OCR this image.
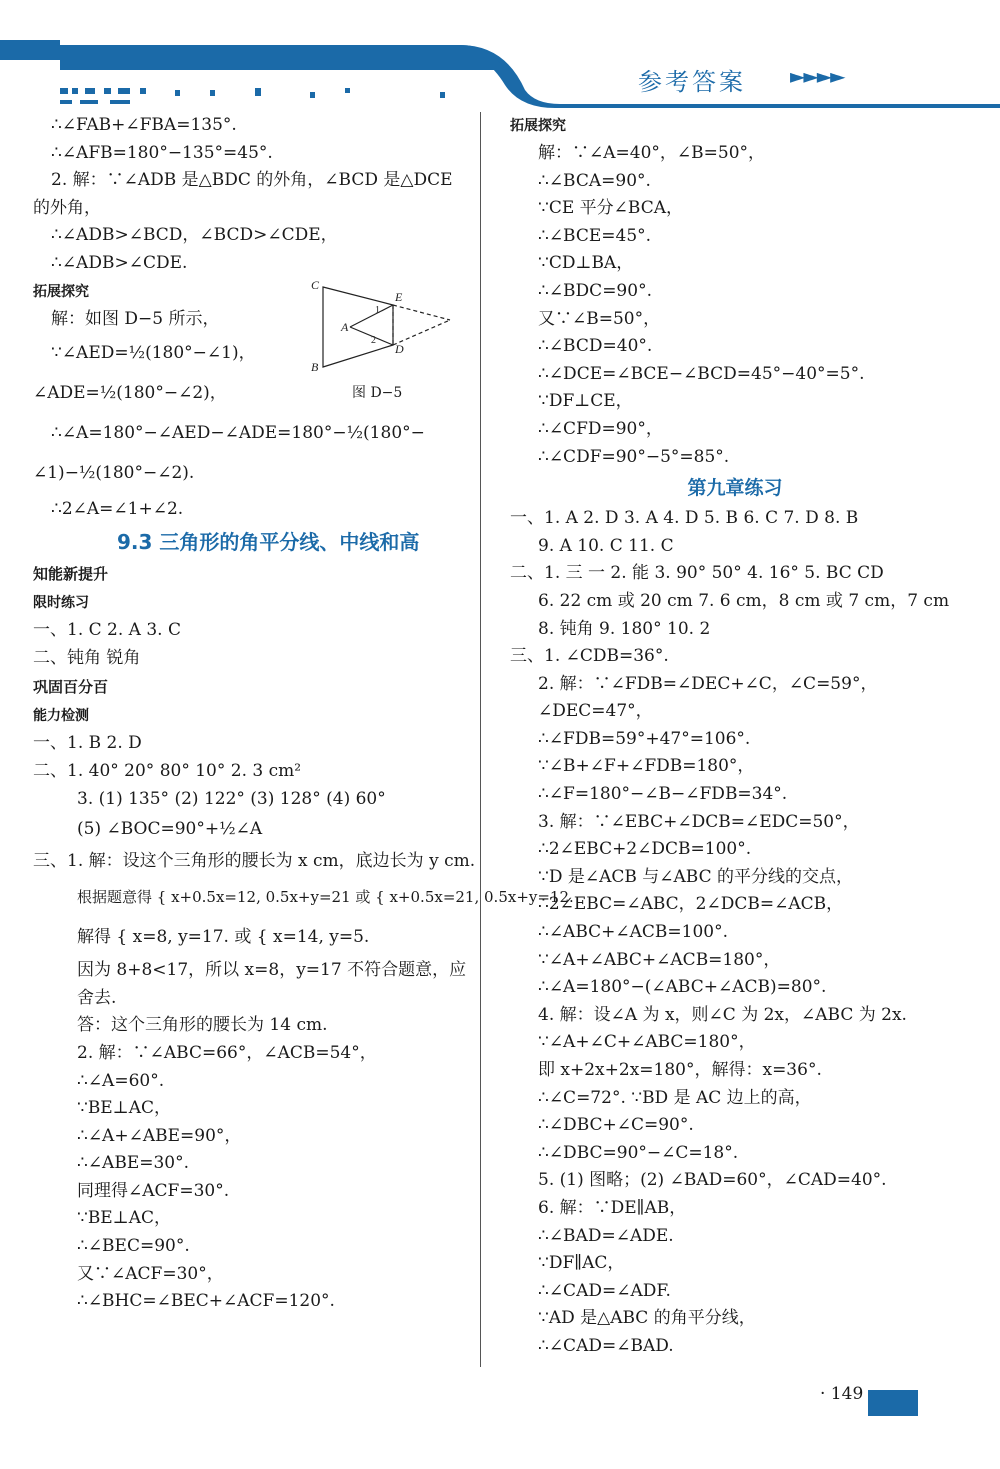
参考答案 ►►►►
∴∠FAB+∠FBA=135°.
∴∠AFB=180°−135°=45°.
2. 解：∵∠ADB 是△BDC 的外角，∠BCD 是△DCE
的外角，
∴∠ADB>∠BCD，∠BCD>∠CDE，
∴∠ADB>∠CDE.
拓展探究
解：如图 D−5 所示，
∵∠AED=½(180°−∠1)，
∠ADE=½(180°−∠2)，
∴∠A=180°−∠AED−∠ADE=180°−½(180°−
∠1)−½(180°−∠2).
∴2∠A=∠1+∠2.
9.3 三角形的角平分线、中线和高
知能新提升
限时练习
一、1. C 2. A 3. C
二、钝角 锐角
巩固百分百
能力检测
一、1. B 2. D
二、1. 40° 20° 80° 10° 2. 3 cm²
3. (1) 135° (2) 122° (3) 128° (4) 60°
(5) ∠BOC=90°+½∠A
三、1. 解：设这个三角形的腰长为 x cm，底边长为 y cm.
根据题意得 { x+0.5x=12, 0.5x+y=21 或 { x+0.5x=21, 0.5x+y=12.
解得 { x=8, y=17. 或 { x=14, y=5.
因为 8+8<17，所以 x=8，y=17 不符合题意，应
舍去.
答：这个三角形的腰长为 14 cm.
2. 解：∵∠ABC=66°，∠ACB=54°，
∴∠A=60°.
∵BE⊥AC，
∴∠A+∠ABE=90°，
∴∠ABE=30°.
同理得∠ACF=30°.
∵BE⊥AC，
∴∠BEC=90°.
又∵∠ACF=30°，
∴∠BHC=∠BEC+∠ACF=120°.
C
E
1
A
2
D
B
图 D−5
拓展探究
解：∵∠A=40°，∠B=50°，
∴∠BCA=90°.
∵CE 平分∠BCA，
∴∠BCE=45°.
∵CD⊥BA，
∴∠BDC=90°.
又∵∠B=50°，
∴∠BCD=40°.
∴∠DCE=∠BCE−∠BCD=45°−40°=5°.
∵DF⊥CE，
∴∠CFD=90°，
∴∠CDF=90°−5°=85°.
第九章练习
一、1. A 2. D 3. A 4. D 5. B 6. C 7. D 8. B
9. A 10. C 11. C
二、1. 三 一 2. 能 3. 90° 50° 4. 16° 5. BC CD
6. 22 cm 或 20 cm 7. 6 cm，8 cm 或 7 cm，7 cm
8. 钝角 9. 180° 10. 2
三、1. ∠CDB=36°.
2. 解：∵∠FDB=∠DEC+∠C，∠C=59°，
∠DEC=47°，
∴∠FDB=59°+47°=106°.
∵∠B+∠F+∠FDB=180°，
∴∠F=180°−∠B−∠FDB=34°.
3. 解：∵∠EBC+∠DCB=∠EDC=50°，
∴2∠EBC+2∠DCB=100°.
∵D 是∠ACB 与∠ABC 的平分线的交点，
∴2∠EBC=∠ABC，2∠DCB=∠ACB，
∴∠ABC+∠ACB=100°.
∵∠A+∠ABC+∠ACB=180°，
∴∠A=180°−(∠ABC+∠ACB)=80°.
4. 解：设∠A 为 x，则∠C 为 2x，∠ABC 为 2x.
∵∠A+∠C+∠ABC=180°，
即 x+2x+2x=180°，解得：x=36°.
∴∠C=72°. ∵BD 是 AC 边上的高，
∴∠DBC+∠C=90°.
∴∠DBC=90°−∠C=18°.
5. (1) 图略；(2) ∠BAD=60°，∠CAD=40°.
6. 解：∵DE∥AB，
∴∠BAD=∠ADE.
∵DF∥AC，
∴∠CAD=∠ADF.
∵AD 是△ABC 的角平分线，
∴∠CAD=∠BAD.
· 149
